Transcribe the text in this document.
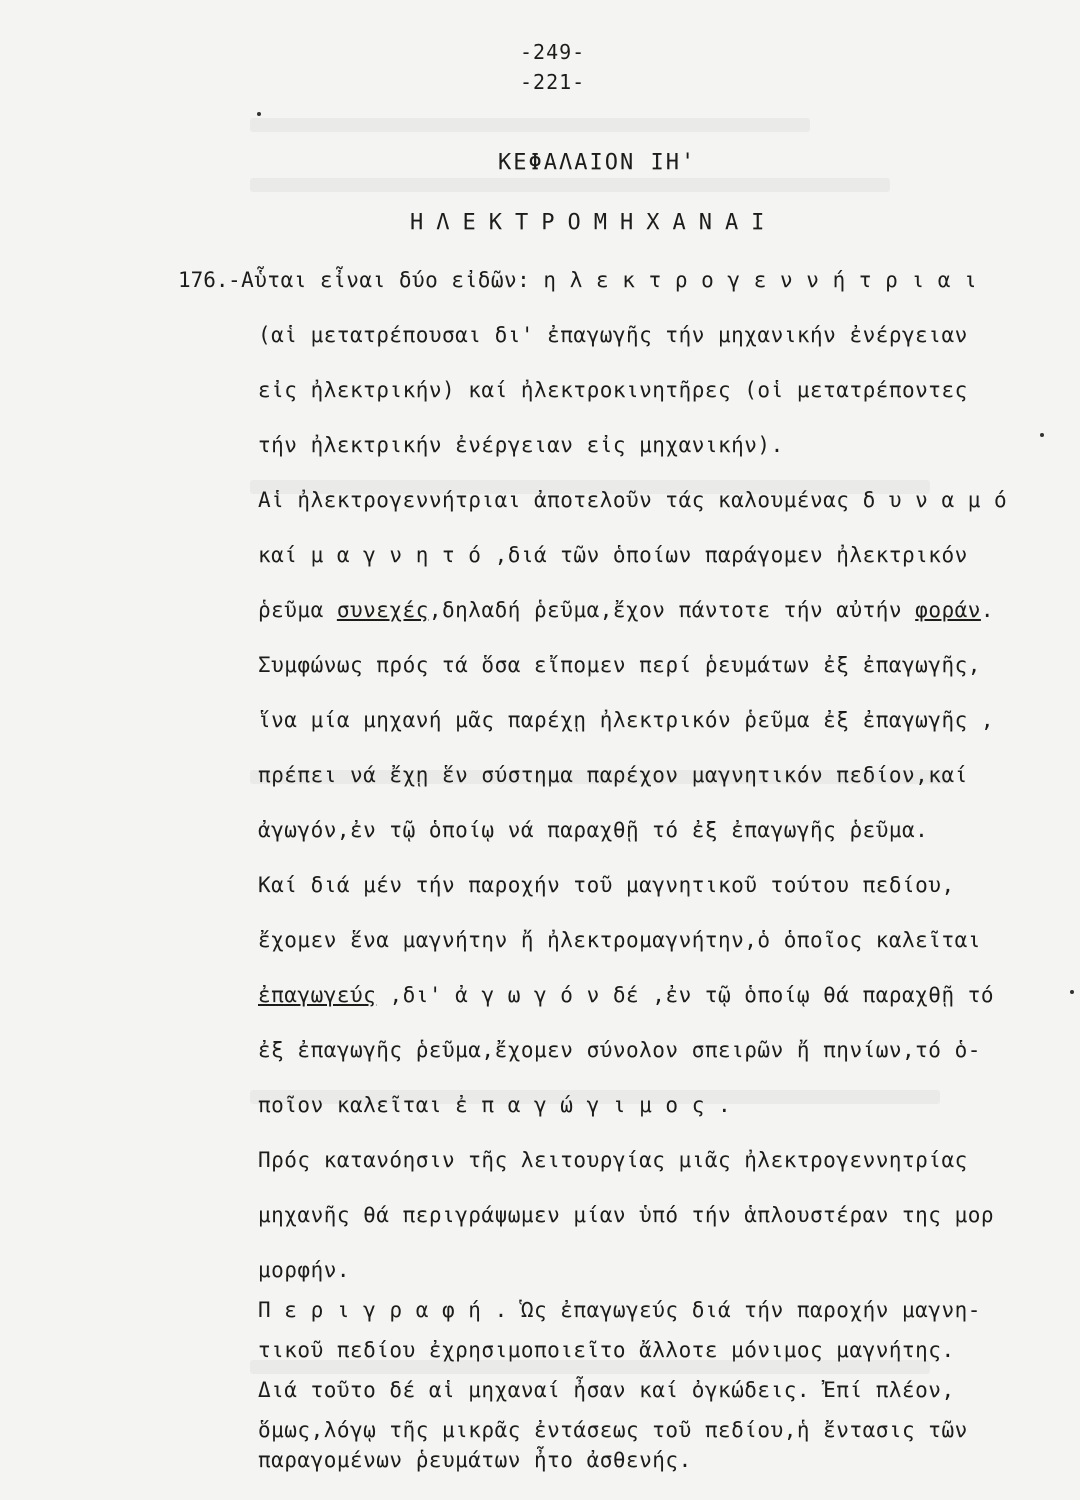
-249-
-221-
ΚΕΦΑΛΑΙΟΝ ΙΗ'
ΗΛΕΚΤΡΟΜΗΧΑΝΑΙ
176. -Αὗται εἶναι δύο εἰδῶν: η λ ε κ τ ρ ο γ ε ν ν ή τ ρ ι α ι
(αἱ μετατρέπουσαι δι' ἐπαγωγῆς τήν μηχανικήν ἐνέργειαν
εἰς ἠλεκτρικήν) καί ἠλεκτροκινητῆρες (οἱ μετατρέποντες
τήν ἠλεκτρικήν ἐνέργειαν εἰς μηχανικήν).
Αἱ ἠλεκτρογεννήτριαι ἀποτελοῦν τάς καλουμένας δ υ ν α μ ό
καί μ α γ ν η τ ό ,διά τῶν ὁποίων παράγομεν ἠλεκτρικόν
ῥεῦμα συνεχές,δηλαδή ῥεῦμα,ἔχον πάντοτε τήν αὐτήν φοράν.
Συμφώνως πρός τά ὅσα εἴπομεν περί ῥευμάτων ἐξ ἐπαγωγῆς,
ἵνα μία μηχανή μᾶς παρέχῃ ἠλεκτρικόν ῥεῦμα ἐξ ἐπαγωγῆς ,
πρέπει νά ἔχῃ ἕν σύστημα παρέχον μαγνητικόν πεδίον,καί
ἀγωγόν,ἐν τῷ ὁποίῳ νά παραχθῇ τό ἐξ ἐπαγωγῆς ῥεῦμα.
Καί διά μέν τήν παροχήν τοῦ μαγνητικοῦ τούτου πεδίου,
ἔχομεν ἕνα μαγνήτην ἤ ἠλεκτρομαγνήτην,ὁ ὁποῖος καλεῖται
ἐπαγωγεύς ,δι' ἀ γ ω γ ό ν δέ ,ἐν τῷ ὁποίῳ θά παραχθῇ τό
ἐξ ἐπαγωγῆς ῥεῦμα,ἔχομεν σύνολον σπειρῶν ἤ πηνίων,τό ὁ-
ποῖον καλεῖται ἐ π α γ ώ γ ι μ ο ς .
Πρός κατανόησιν τῆς λειτουργίας μιᾶς ἠλεκτρογεννητρίας
μηχανῆς θά περιγράψωμεν μίαν ὑπό τήν ἁπλουστέραν της μορ
μορφήν.
Π ε ρ ι γ ρ α φ ή . Ὡς ἐπαγωγεύς διά τήν παροχήν μαγνη-
τικοῦ πεδίου ἐχρησιμοποιεῖτο ἄλλοτε μόνιμος μαγνήτης.
Διά τοῦτο δέ αἱ μηχαναί ἦσαν καί ὀγκώδεις. Ἐπί πλέον,
ὅμως,λόγῳ τῆς μικρᾶς ἐντάσεως τοῦ πεδίου,ἡ ἔντασις τῶν
παραγομένων ῥευμάτων ἦτο ἀσθενής.
